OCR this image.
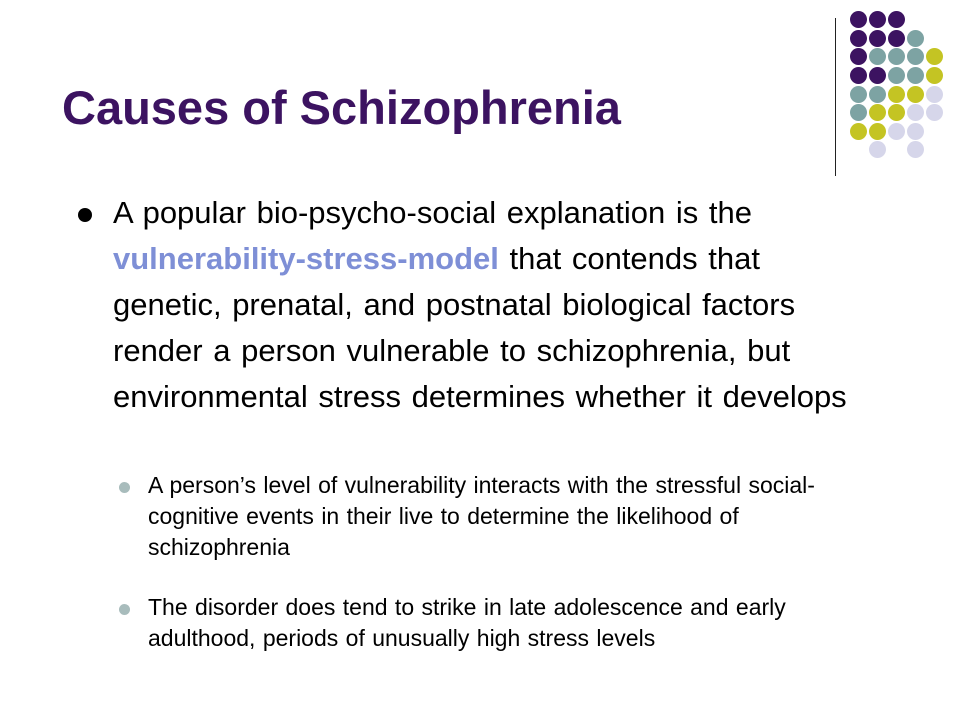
Causes of Schizophrenia
A popular bio-psycho-social explanation is the vulnerability-stress-model that contends that genetic, prenatal, and postnatal biological factors render a person vulnerable to schizophrenia, but environmental stress determines whether it develops
A person’s level of vulnerability interacts with the stressful social-cognitive events in their live to determine the likelihood of schizophrenia
The disorder does tend to strike in late adolescence and early adulthood, periods of unusually high stress levels
